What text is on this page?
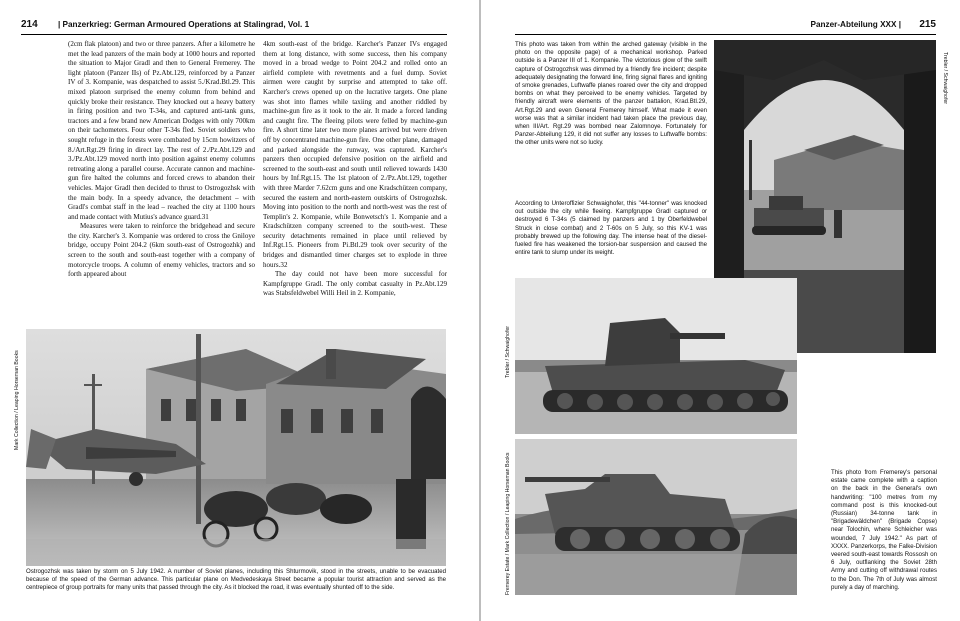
214 | Panzerkrieg: German Armoured Operations at Stalingrad, Vol. 1

(2cm flak platoon) and two or three panzers. After a kilometre he met the lead panzers of the main body at 1000 hours and reported the situation to Major Gradl and then to General Fremerey. The light platoon (Panzer IIs) of Pz.Abt.129, reinforced by a Panzer IV of 3. Kompanie, was despatched to assist 5./Krad.Btl.29. This mixed platoon surprised the enemy column from behind and quickly broke their resistance. They knocked out a heavy battery in firing position and two T-34s, and captured anti-tank guns, tractors and a few brand new American Dodges with only 700km on their tachometers. Four other T-34s fled. Soviet soldiers who sought refuge in the forests were combated by 15cm howitzers of 8./Art.Rgt.29 firing in direct lay. The rest of 2./Pz.Abt.129 and 3./Pz.Abt.129 moved north into position against enemy columns retreating along a parallel course. Accurate cannon and machine-gun fire halted the columns and forced crews to abandon their vehicles. Major Gradl then decided to thrust to Ostrogozhsk with the main body. In a speedy advance, the detachment – with Gradl's combat staff in the lead – reached the city at 1100 hours and made contact with Mutius's advance guard.31

Measures were taken to reinforce the bridgehead and secure the city. Karcher's 3. Kompanie was ordered to cross the Gniloye bridge, occupy Point 204.2 (6km south-east of Ostrogozhk) and screen to the south and south-east together with a company of motorcycle troops. A column of enemy vehicles, tractors and so forth appeared about

4km south-east of the bridge. Karcher's Panzer IVs engaged them at long distance, with some success, then his company moved in a broad wedge to Point 204.2 and rolled onto an airfield complete with revetments and a fuel dump. Soviet airmen were caught by surprise and attempted to take off. Karcher's crews opened up on the lucrative targets. One plane was shot into flames while taxiing and another riddled by machine-gun fire as it took to the air. It made a forced landing and caught fire. The fleeing pilots were felled by machine-gun fire. A short time later two more planes arrived but were driven off by concentrated machine-gun fire. One other plane, damaged and parked alongside the runway, was captured. Karcher's panzers then occupied defensive position on the airfield and screened to the south-east and south until relieved towards 1430 hours by Inf.Rgt.15. The 1st platoon of 2./Pz.Abt.129, together with three Marder 7.62cm guns and one Kradschützen company, secured the eastern and north-eastern outskirts of Ostrogozhsk. Moving into position to the north and north-west was the rest of Templin's 2. Kompanie, while Bonwetsch's 1. Kompanie and a Kradschützen company screened to the south-west. These security detachments remained in place until relieved by Inf.Rgt.15. Pioneers from Pi.Btl.29 took over security of the bridges and dismantled timer charges set to explode in three hours.32

The day could not have been more successful for Kampfgruppe Gradl. The only combat casualty in Pz.Abt.129 was Stabsfeldwebel Willi Heil in 2. Kompanie,

Mark Collection / Leaping Horseman Books
Ostrogozhsk was taken by storm on 5 July 1942. A number of Soviet planes, including this Shturmovik, stood in the streets, unable to be evacuated because of the speed of the German advance. This particular plane on Medvedeskaya Street became a popular tourist attraction and served as the centrepiece of group portraits for many units that passed through the city. As it blocked the road, it was eventually shunted off to the side.
Panzer-Abteilung XXX | 215
This photo was taken from within the arched gateway (visible in the photo on the opposite page) of a mechanical workshop. Parked outside is a Panzer III of 1. Kompanie. The victorious glow of the swift capture of Ostrogozhsk was dimmed by a friendly fire incident; despite adequately designating the forward line, firing signal flares and igniting of smoke grenades, Luftwaffe planes roared over the city and dropped bombs on what they perceived to be enemy vehicles. Targeted by friendly aircraft were elements of the panzer battalion, Krad.Btl.29, Art.Rgt.29 and even General Fremerey himself. What made it even worse was that a similar incident had taken place the previous day, when III/Art. Rgt.29 was bombed near Zalomnoye. Fortunately for Panzer-Abteilung 129, it did not suffer any losses to Luftwaffe bombs: the other units were not so lucky.
Trebler / Schwaighofer
According to Unteroffizier Schwaighofer, this "44-tonner" was knocked out outside the city while fleeing. Kampfgruppe Gradl captured or destroyed 6 T-34s (5 claimed by panzers and 1 by Oberfeldwebel Struck in close combat) and 2 T-60s on 5 July, so this KV-1 was probably brewed up the following day. The intense heat of the diesel-fueled fire has weakened the torsion-bar suspension and caused the entire tank to slump under its weight.
Trebler / Schwaighofer
Fremerey Estate / Mark Collection / Leaping Horseman Books	This photo from Fremerey's personal estate came complete with a caption on the back in the General's own handwriting: "100 metres from my command post is this knocked-out (Russian) 34-tonne tank in "Brigadewäldchen" (Brigade Copse) near Tolochin, where Schleicher was wounded, 7 July 1942." As part of XXXX. Panzerkorps, the Falke-Division veered south-east towards Rossosh on 6 July, outflanking the Soviet 28th Army and cutting off withdrawal routes to the Don. The 7th of July was almost purely a day of marching.
